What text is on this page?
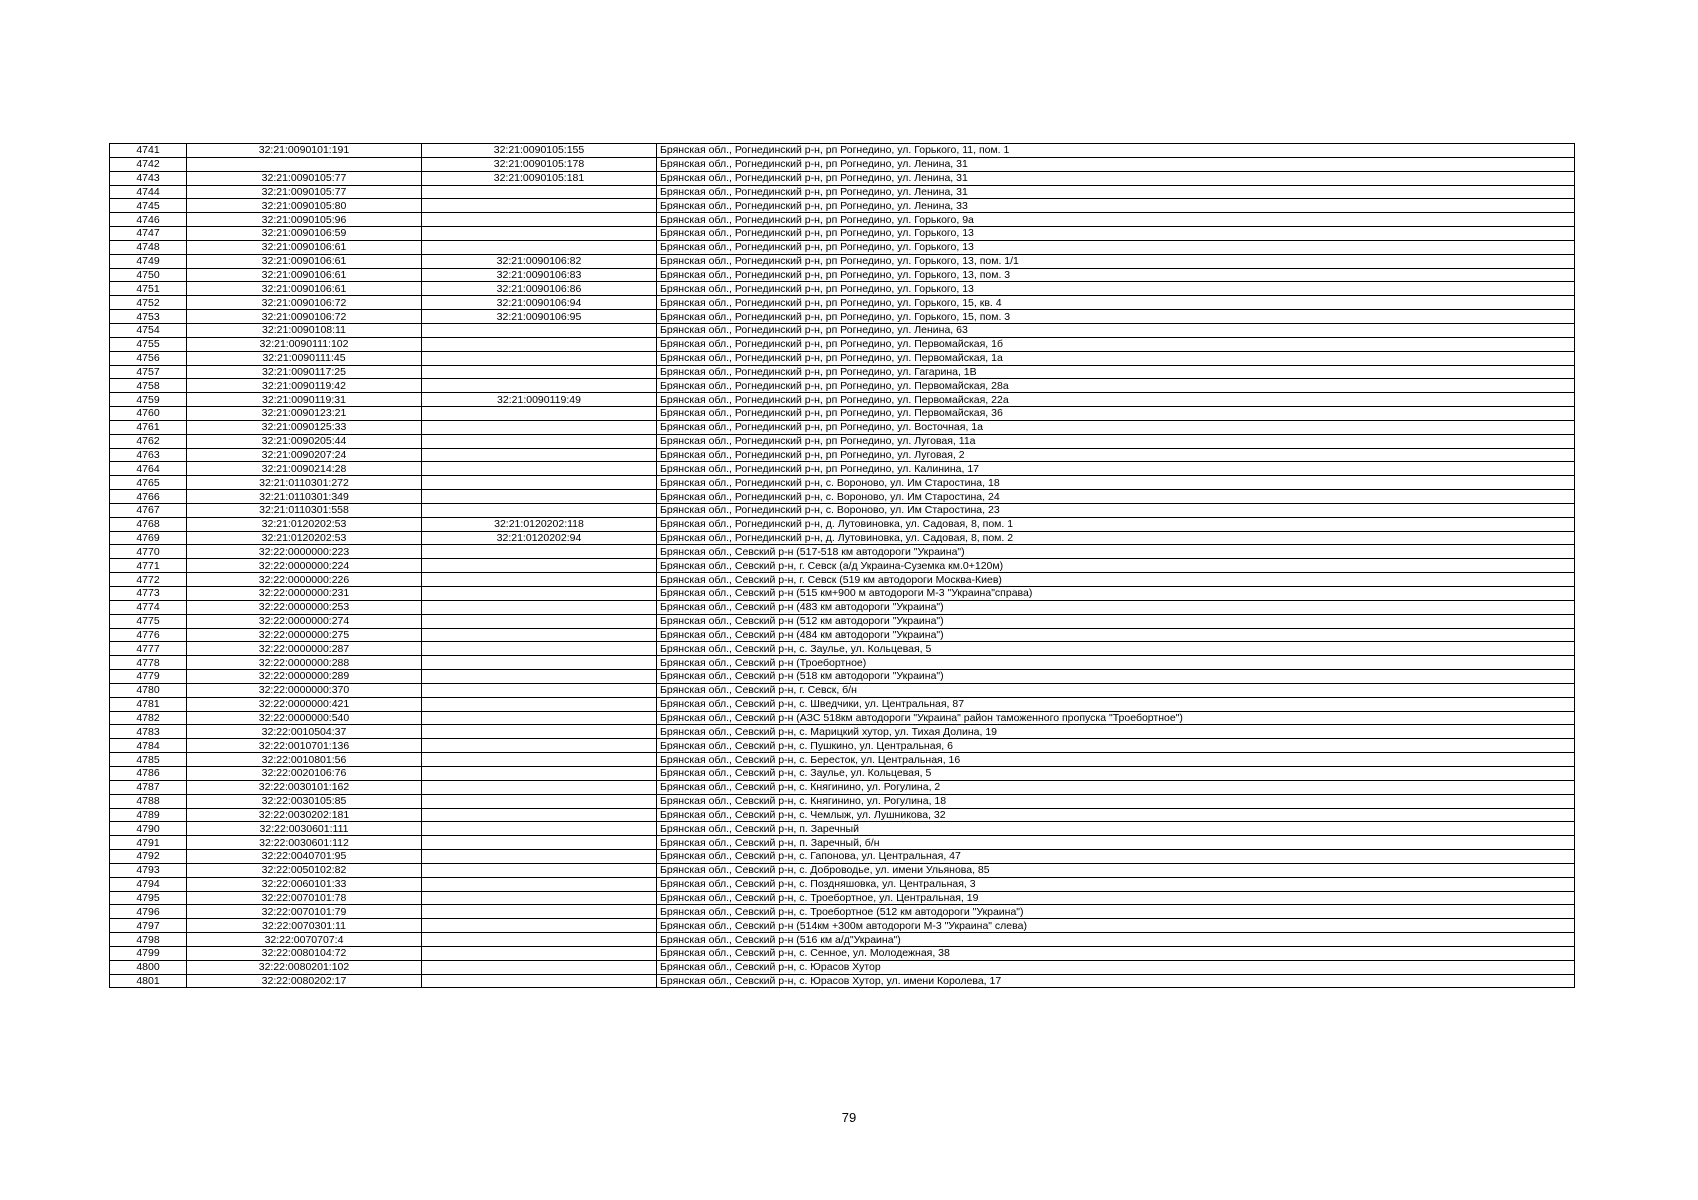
4741	32:21:0090101:191	32:21:0090105:155	Брянская обл., Рогнединский р-н, рп Рогнедино, ул. Горького, 11, пом. 1
4742		32:21:0090105:178	Брянская обл., Рогнединский р-н, рп Рогнедино, ул. Ленина, 31
4743	32:21:0090105:77	32:21:0090105:181	Брянская обл., Рогнединский р-н, рп Рогнедино, ул. Ленина, 31
4744	32:21:0090105:77		Брянская обл., Рогнединский р-н, рп Рогнедино, ул. Ленина, 31
4745	32:21:0090105:80		Брянская обл., Рогнединский р-н, рп Рогнедино, ул. Ленина, 33
4746	32:21:0090105:96		Брянская обл., Рогнединский р-н, рп Рогнедино, ул. Горького, 9а
4747	32:21:0090106:59		Брянская обл., Рогнединский р-н, рп Рогнедино, ул. Горького, 13
4748	32:21:0090106:61		Брянская обл., Рогнединский р-н, рп Рогнедино, ул. Горького, 13
4749	32:21:0090106:61	32:21:0090106:82	Брянская обл., Рогнединский р-н, рп Рогнедино, ул. Горького, 13, пом. 1/1
4750	32:21:0090106:61	32:21:0090106:83	Брянская обл., Рогнединский р-н, рп Рогнедино, ул. Горького, 13, пом. 3
4751	32:21:0090106:61	32:21:0090106:86	Брянская обл., Рогнединский р-н, рп Рогнедино, ул. Горького, 13
4752	32:21:0090106:72	32:21:0090106:94	Брянская обл., Рогнединский р-н, рп Рогнедино, ул. Горького, 15, кв. 4
4753	32:21:0090106:72	32:21:0090106:95	Брянская обл., Рогнединский р-н, рп Рогнедино, ул. Горького, 15, пом. 3
4754	32:21:0090108:11		Брянская обл., Рогнединский р-н, рп Рогнедино, ул. Ленина, 63
4755	32:21:0090111:102		Брянская обл., Рогнединский р-н, рп Рогнедино, ул. Первомайская, 1б
4756	32:21:0090111:45		Брянская обл., Рогнединский р-н, рп Рогнедино, ул. Первомайская, 1а
4757	32:21:0090117:25		Брянская обл., Рогнединский р-н, рп Рогнедино, ул. Гагарина, 1В
4758	32:21:0090119:42		Брянская обл., Рогнединский р-н, рп Рогнедино, ул. Первомайская, 28а
4759	32:21:0090119:31	32:21:0090119:49	Брянская обл., Рогнединский р-н, рп Рогнедино, ул. Первомайская, 22а
4760	32:21:0090123:21		Брянская обл., Рогнединский р-н, рп Рогнедино, ул. Первомайская, 36
4761	32:21:0090125:33		Брянская обл., Рогнединский р-н, рп Рогнедино, ул. Восточная, 1а
4762	32:21:0090205:44		Брянская обл., Рогнединский р-н, рп Рогнедино, ул. Луговая, 11а
4763	32:21:0090207:24		Брянская обл., Рогнединский р-н, рп Рогнедино, ул. Луговая, 2
4764	32:21:0090214:28		Брянская обл., Рогнединский р-н, рп Рогнедино, ул. Калинина, 17
4765	32:21:0110301:272		Брянская обл., Рогнединский р-н, с. Вороново, ул. Им Старостина, 18
4766	32:21:0110301:349		Брянская обл., Рогнединский р-н, с. Вороново, ул. Им Старостина, 24
4767	32:21:0110301:558		Брянская обл., Рогнединский р-н, с. Вороново, ул. Им Старостина, 23
4768	32:21:0120202:53	32:21:0120202:118	Брянская обл., Рогнединский р-н, д. Лутовиновка, ул. Садовая, 8, пом. 1
4769	32:21:0120202:53	32:21:0120202:94	Брянская обл., Рогнединский р-н, д. Лутовиновка, ул. Садовая, 8, пом. 2
4770	32:22:0000000:223		Брянская обл., Севский р-н (517-518 км автодороги "Украина")
4771	32:22:0000000:224		Брянская обл., Севский р-н, г. Севск (а/д Украина-Суземка км.0+120м)
4772	32:22:0000000:226		Брянская обл., Севский р-н, г. Севск (519 км автодороги Москва-Киев)
4773	32:22:0000000:231		Брянская обл., Севский р-н (515 км+900 м автодороги М-3 "Украина"справа)
4774	32:22:0000000:253		Брянская обл., Севский р-н (483 км автодороги "Украина")
4775	32:22:0000000:274		Брянская обл., Севский р-н (512 км автодороги "Украина")
4776	32:22:0000000:275		Брянская обл., Севский р-н (484 км автодороги "Украина")
4777	32:22:0000000:287		Брянская обл., Севский р-н, с. Заулье, ул. Кольцевая, 5
4778	32:22:0000000:288		Брянская обл., Севский р-н (Троебортное)
4779	32:22:0000000:289		Брянская обл., Севский р-н (518 км автодороги "Украина")
4780	32:22:0000000:370		Брянская обл., Севский р-н, г. Севск, б/н
4781	32:22:0000000:421		Брянская обл., Севский р-н, с. Шведчики, ул. Центральная, 87
4782	32:22:0000000:540		Брянская обл., Севский р-н (АЗС 518км автодороги "Украина" район таможенного пропуска "Троебортное")
4783	32:22:0010504:37		Брянская обл., Севский р-н, с. Марицкий хутор, ул. Тихая Долина, 19
4784	32:22:0010701:136		Брянская обл., Севский р-н, с. Пушкино, ул. Центральная, 6
4785	32:22:0010801:56		Брянская обл., Севский р-н, с. Бересток, ул. Центральная, 16
4786	32:22:0020106:76		Брянская обл., Севский р-н, с. Заулье, ул. Кольцевая, 5
4787	32:22:0030101:162		Брянская обл., Севский р-н, с. Княгинино, ул. Рогулина, 2
4788	32:22:0030105:85		Брянская обл., Севский р-н, с. Княгинино, ул. Рогулина, 18
4789	32:22:0030202:181		Брянская обл., Севский р-н, с. Чемлыж, ул. Лушникова, 32
4790	32:22:0030601:111		Брянская обл., Севский р-н, п. Заречный
4791	32:22:0030601:112		Брянская обл., Севский р-н, п. Заречный, б/н
4792	32:22:0040701:95		Брянская обл., Севский р-н, с. Гапонова, ул. Центральная, 47
4793	32:22:0050102:82		Брянская обл., Севский р-н, с. Доброводье, ул. имени Ульянова, 85
4794	32:22:0060101:33		Брянская обл., Севский р-н, с. Поздняшовка, ул. Центральная, 3
4795	32:22:0070101:78		Брянская обл., Севский р-н, с. Троебортное, ул. Центральная, 19
4796	32:22:0070101:79		Брянская обл., Севский р-н, с. Троебортное (512 км автодороги "Украина")
4797	32:22:0070301:11		Брянская обл., Севский р-н (514км +300м автодороги М-3 "Украина" слева)
4798	32:22:0070707:4		Брянская обл., Севский р-н (516 км а/д"Украина")
4799	32:22:0080104:72		Брянская обл., Севский р-н, с. Сенное, ул. Молодежная, 38
4800	32:22:0080201:102		Брянская обл., Севский р-н, с. Юрасов Хутор
4801	32:22:0080202:17		Брянская обл., Севский р-н, с. Юрасов Хутор, ул. имени Королева, 17
79
